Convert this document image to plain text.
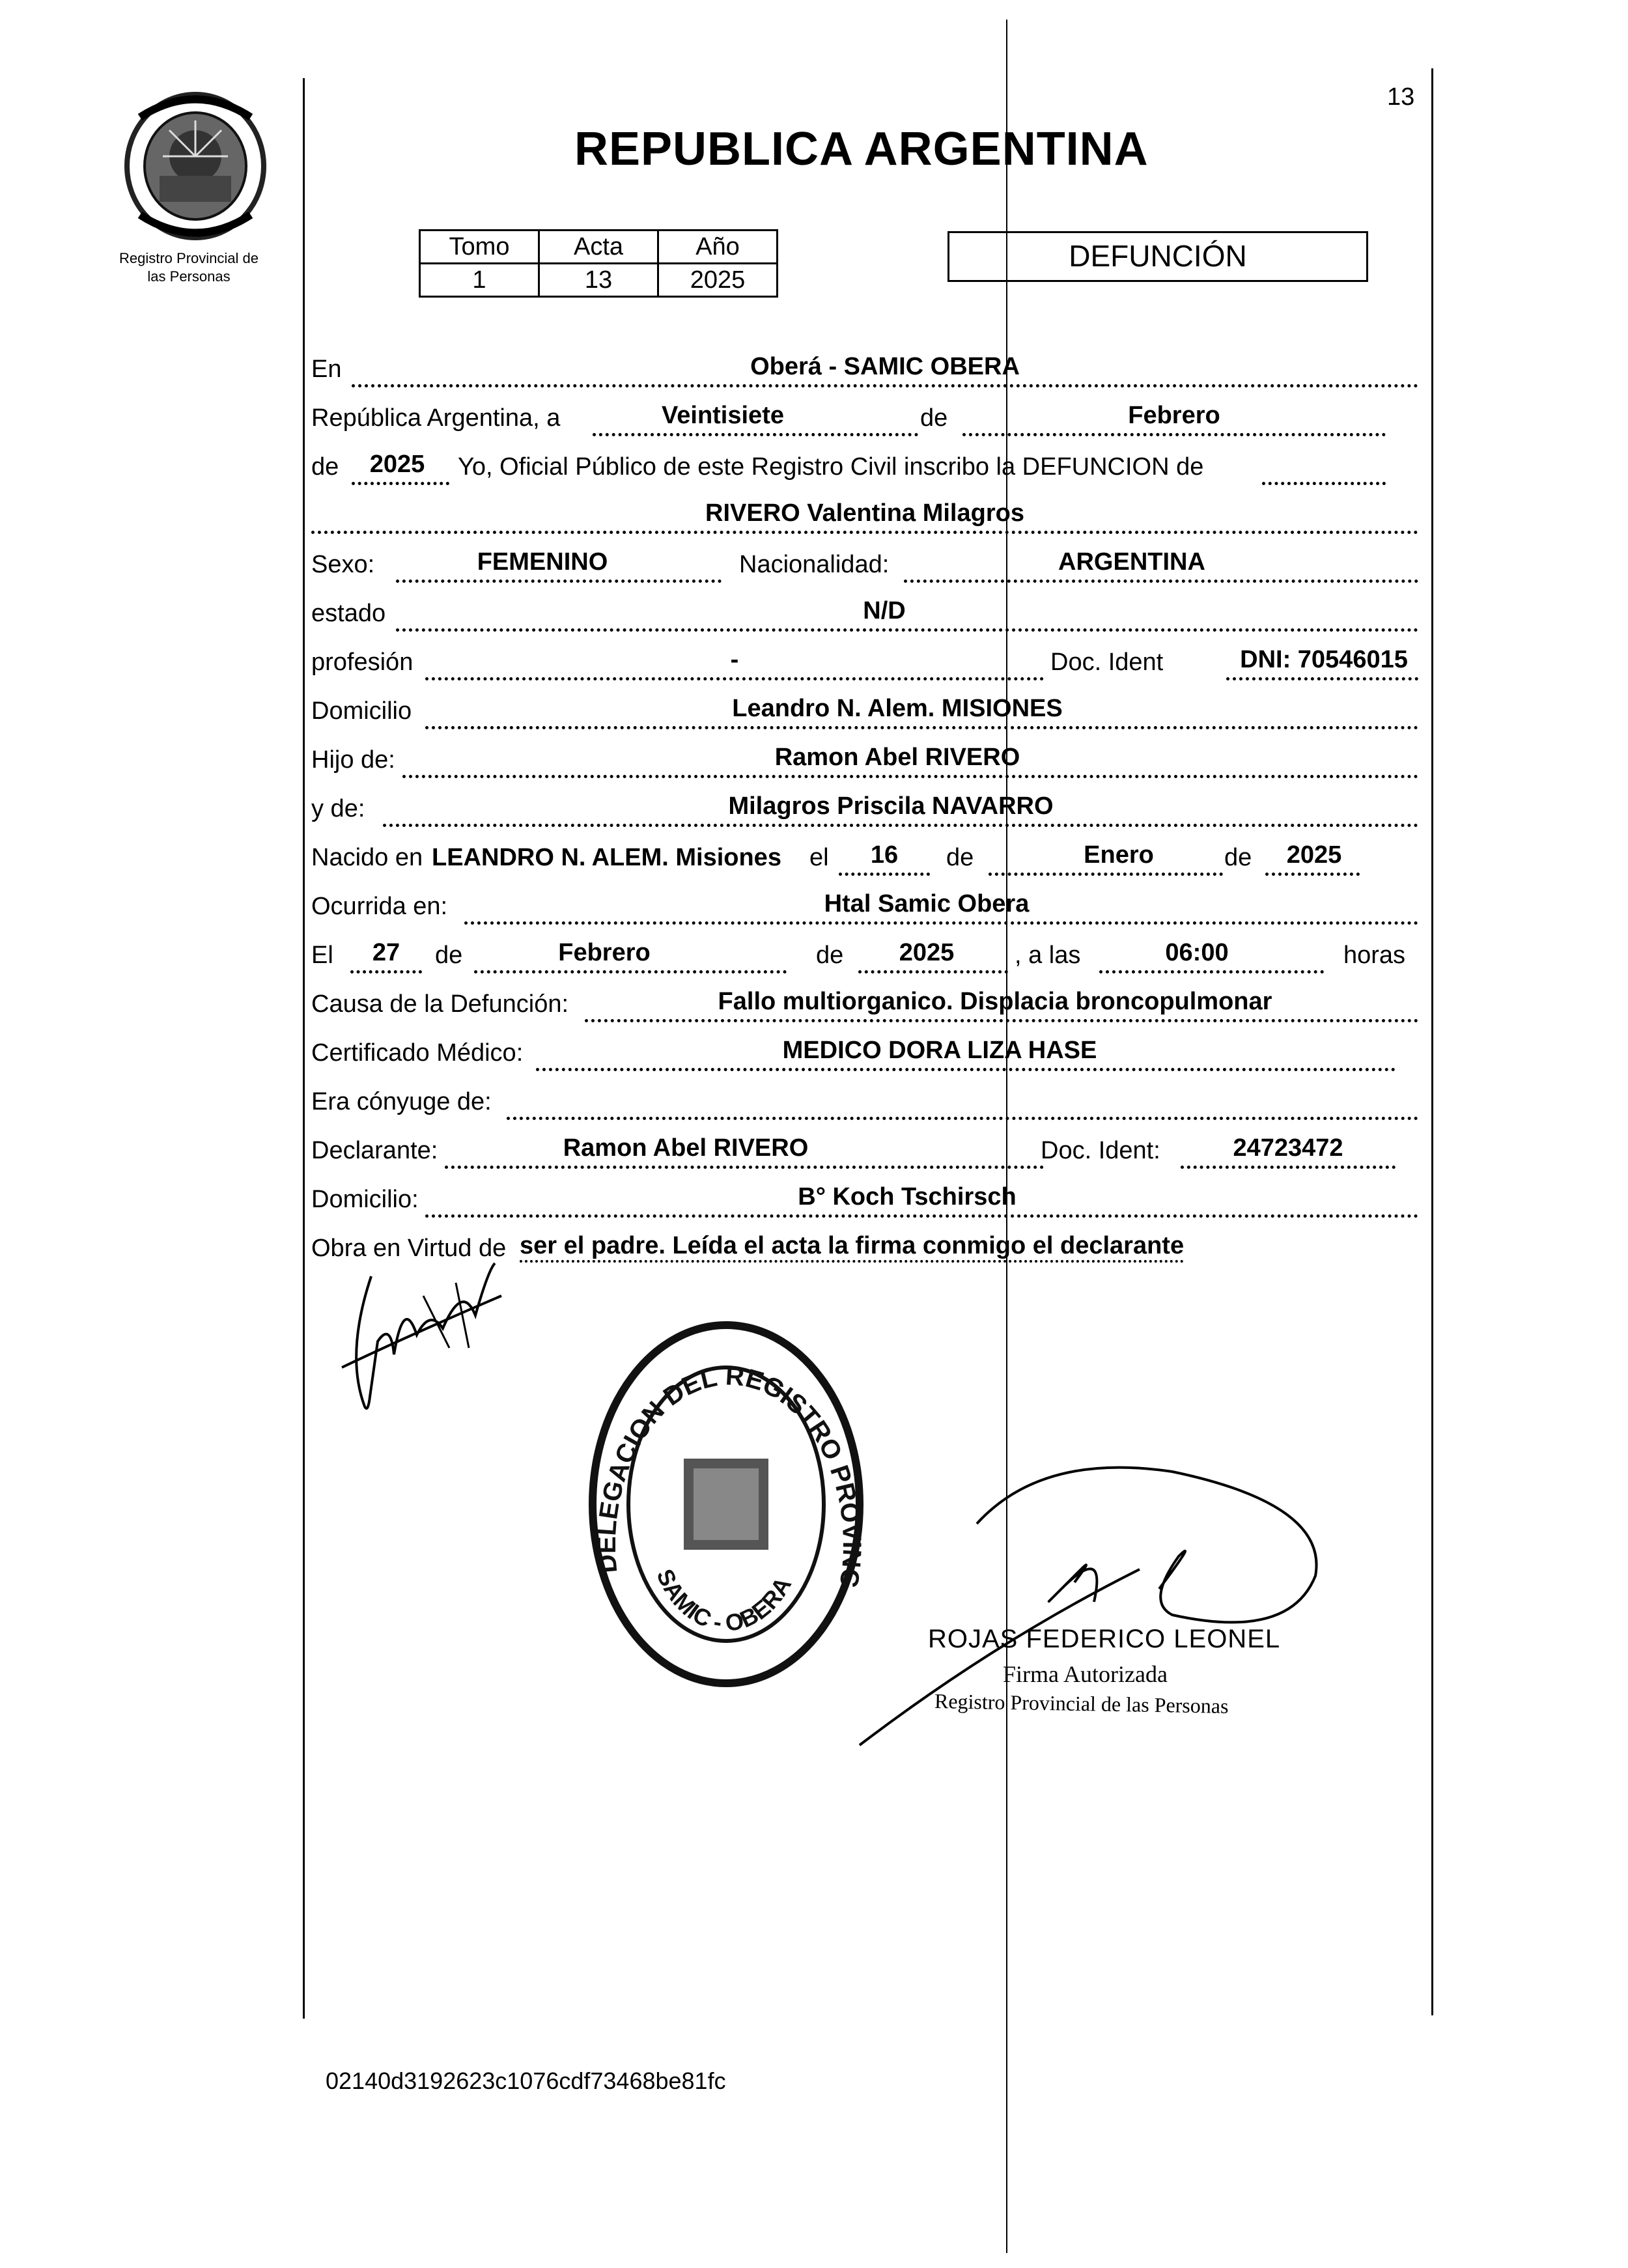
13
Registro Provincial de
las Personas
REPUBLICA ARGENTINA
Tomo	Acta	Año
1	13	2025
DEFUNCIÓN
En	Oberá - SAMIC OBERA
República Argentina, a	Veintisiete	de	Febrero
de	2025	Yo, Oficial Público de este Registro Civil inscribo la DEFUNCION de
RIVERO Valentina Milagros
Sexo:	FEMENINO	Nacionalidad:	ARGENTINA
estado	N/D
profesión	-	Doc. Ident	DNI: 70546015
Domicilio	Leandro N. Alem. MISIONES
Hijo de:	Ramon Abel RIVERO
y de:	Milagros Priscila NAVARRO
Nacido en LEANDRO N. ALEM. Misiones el	16	de	Enero	de	2025
Ocurrida en:	Htal Samic Obera
El	27	de	Febrero	de	2025	, a las	06:00	horas
Causa de la Defunción:	Fallo multiorganico. Displacia broncopulmonar
Certificado Médico:	MEDICO DORA LIZA HASE
Era cónyuge de:
Declarante:	Ramon Abel RIVERO	Doc. Ident:	24723472
Domicilio:	B° Koch Tschirsch
Obra en Virtud de ser el padre. Leída el acta la firma conmigo el declarante
DELEGACION DEL REGISTRO PROVINC
SAMIC - OBERA
ROJAS FEDERICO LEONEL
Firma Autorizada
Registro Provincial de las Personas
02140d3192623c1076cdf73468be81fc
